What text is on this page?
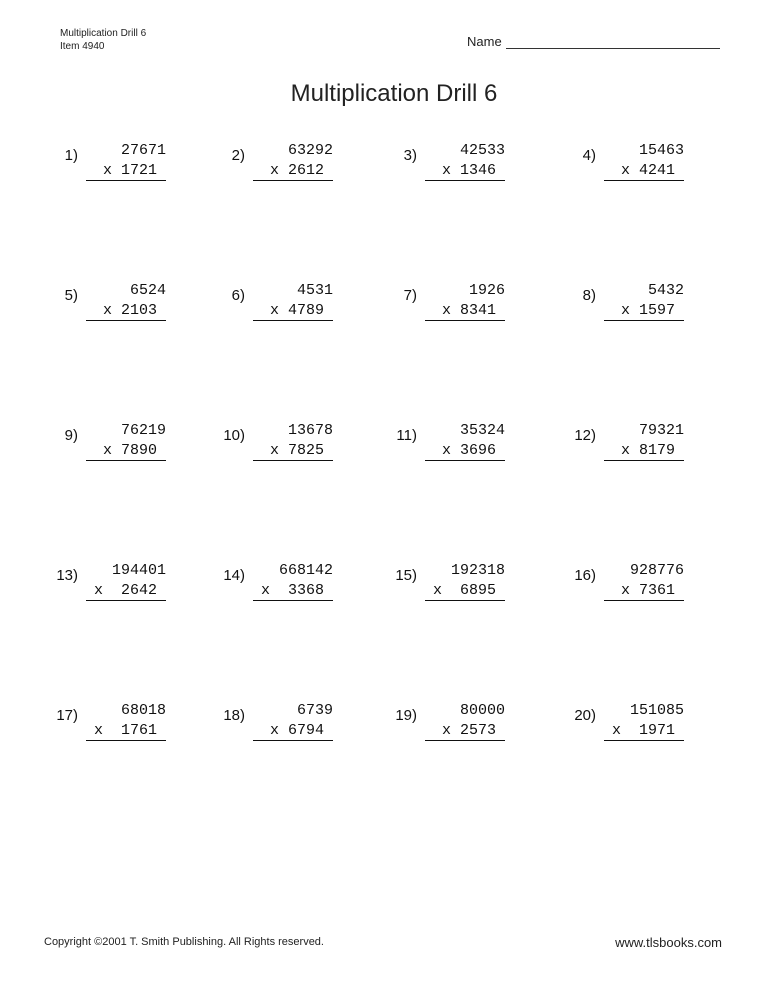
Multiplication Drill 6
Item 4940	Name
Multiplication Drill 6
1)	27671
x 1721
2)	63292
x 2612
3)	42533
x 1346
4)	15463
x 4241
5)	6524
x 2103
6)	4531
x 4789
7)	1926
x 8341
8)	5432
x 1597
9)	76219
x 7890
10)	13678
x 7825
11)	35324
x 3696
12)	79321
x 8179
13)	194401
x  2642
14)	668142
x  3368
15)	192318
x  6895
16)	928776
x 7361
17)	68018
x  1761
18)	6739
x 6794
19)	80000
x 2573
20)	151085
x  1971
Copyright ©2001 T. Smith Publishing. All Rights reserved.	www.tlsbooks.com
